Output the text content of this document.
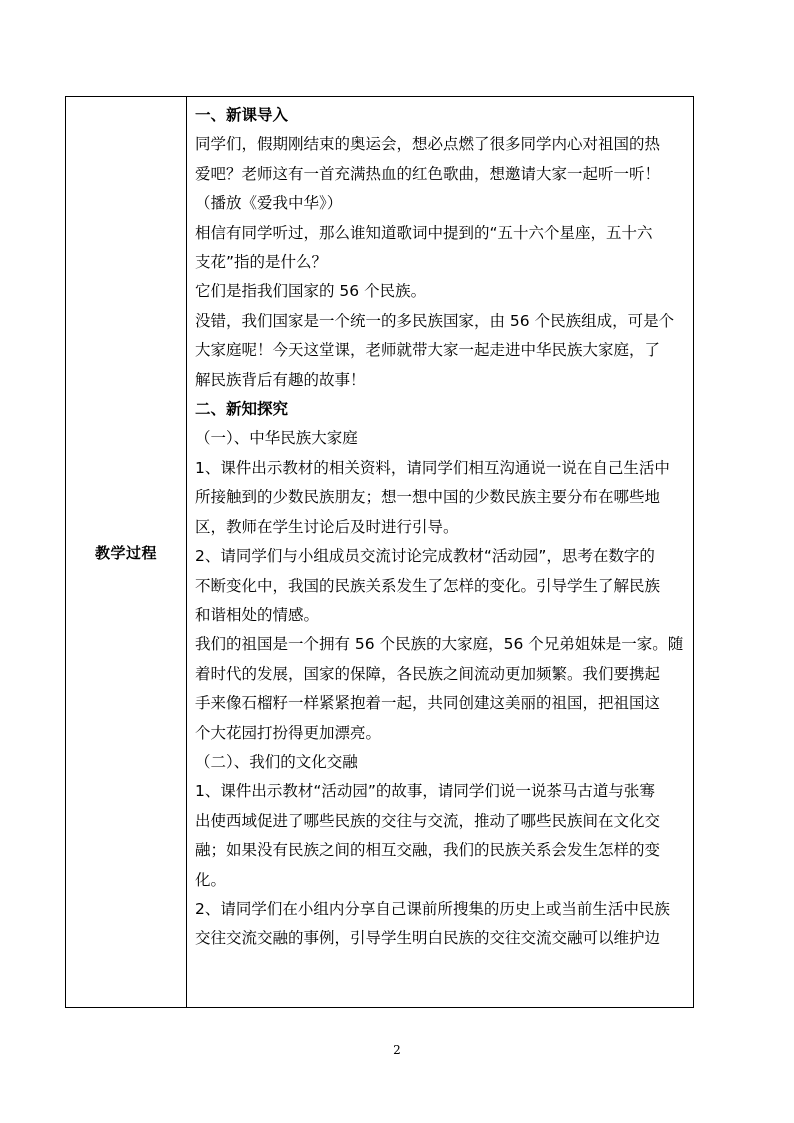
教学过程	
一、新课导入
同学们，假期刚结束的奥运会，想必点燃了很多同学内心对祖国的热
爱吧？老师这有一首充满热血的红色歌曲，想邀请大家一起听一听！
（播放《爱我中华》）
相信有同学听过，那么谁知道歌词中提到的“五十六个星座，五十六
支花”指的是什么？
它们是指我们国家的 56 个民族。
没错，我们国家是一个统一的多民族国家，由 56 个民族组成，可是个
大家庭呢！今天这堂课，老师就带大家一起走进中华民族大家庭，了
解民族背后有趣的故事！
二、新知探究
（一）、中华民族大家庭
1、课件出示教材的相关资料，请同学们相互沟通说一说在自己生活中
所接触到的少数民族朋友；想一想中国的少数民族主要分布在哪些地
区，教师在学生讨论后及时进行引导。
2、请同学们与小组成员交流讨论完成教材“活动园”，思考在数字的
不断变化中，我国的民族关系发生了怎样的变化。引导学生了解民族
和谐相处的情感。
我们的祖国是一个拥有 56 个民族的大家庭，56 个兄弟姐妹是一家。随
着时代的发展，国家的保障，各民族之间流动更加频繁。我们要携起
手来像石榴籽一样紧紧抱着一起，共同创建这美丽的祖国，把祖国这
个大花园打扮得更加漂亮。
（二）、我们的文化交融
1、课件出示教材“活动园”的故事，请同学们说一说茶马古道与张骞
出使西域促进了哪些民族的交往与交流，推动了哪些民族间在文化交
融；如果没有民族之间的相互交融，我们的民族关系会发生怎样的变
化。
2、请同学们在小组内分享自己课前所搜集的历史上或当前生活中民族
交往交流交融的事例，引导学生明白民族的交往交流交融可以维护边
2
